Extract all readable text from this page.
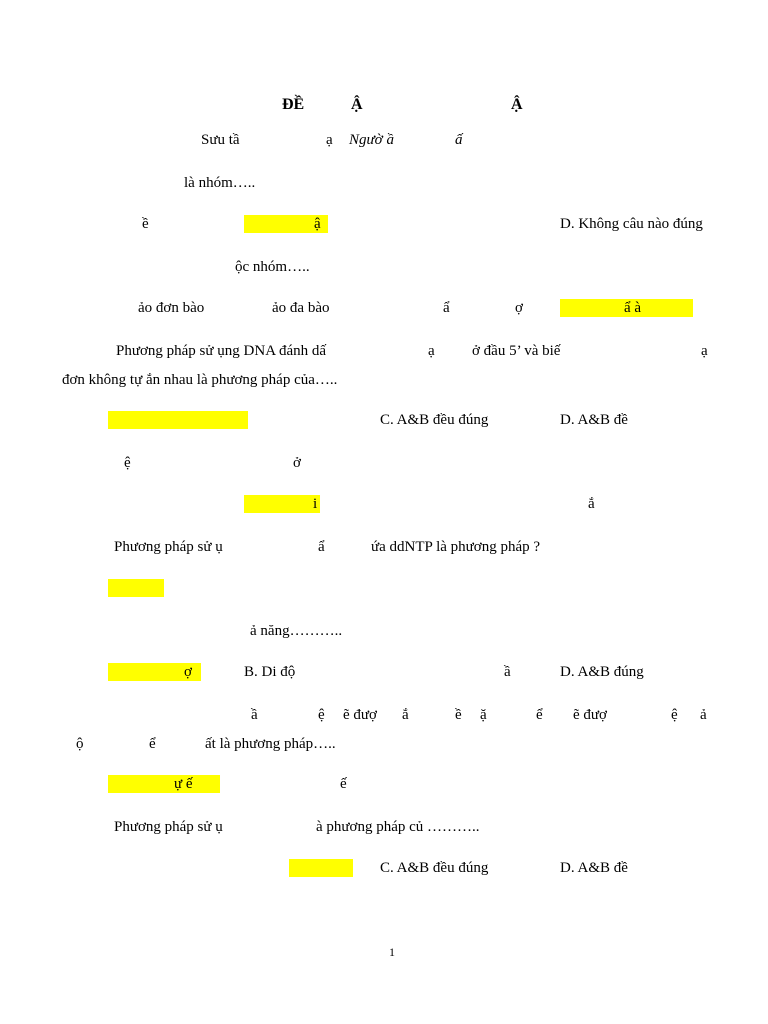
ĐỀ	Ậ	Ậ
Sưu tầ	ạ Ngườ ầ	ấ
là nhóm…..
ề	ậ	D. Không câu nào đúng
ộc nhóm…..
ảo đơn bào	ảo đa bào	ẩ	ợ	ẩ à
Phương pháp sử ụng DNA đánh dấ	ạ ở đầu 5’ và biế	ạ
đơn không tự ắn nhau là phương pháp của…..
C. A&B đều đúng	D. A&B đề
ệ	ở
i	ắ
Phương pháp sử ụ	ẩ	ứa ddNTP là phương pháp ?
ả năng………..
ợ	B. Di độ	ầ	D. A&B đúng
ầ	ệ ẽ đượ ắ	ề ặ	ể ẽ đượ	ệ ả
ộ	ể	ất là phương pháp…..
ự ế	ế
Phương pháp sử ụ	à phương pháp củ ………..
C. A&B đều đúng	D. A&B đề
1
